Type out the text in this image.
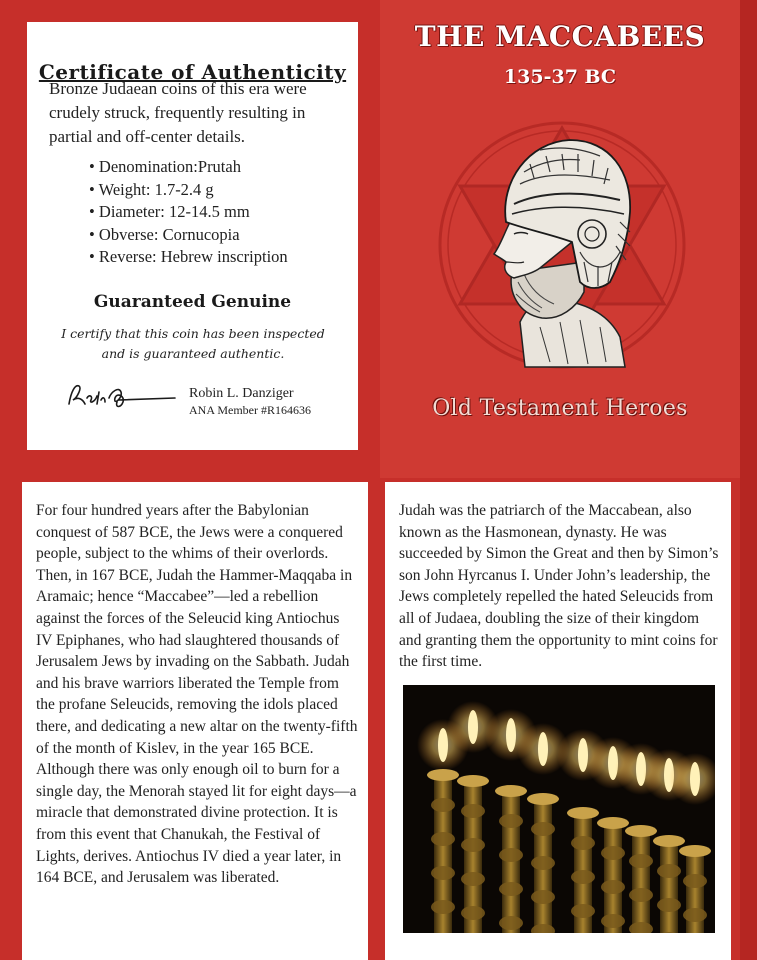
Certificate of Authenticity
Bronze Judaean coins of this era were crudely struck, frequently resulting in partial and off-center details.
• Denomination:Prutah
• Weight: 1.7-2.4 g
• Diameter: 12-14.5 mm
• Obverse: Cornucopia
• Reverse: Hebrew inscription
Guaranteed Genuine
I certify that this coin has been inspected
and is guaranteed authentic.
Robin L. Danziger
ANA Member #R164636
THE MACCABEES
135-37 BC
Old Testament Heroes

For four hundred years after the Babylonian conquest of 587 BCE, the Jews were a conquered people, subject to the whims of their overlords. Then, in 167 BCE, Judah the Hammer-Maqqaba in Aramaic; hence “Maccabee”—led a rebellion against the forces of the Seleucid king Antiochus IV Epiphanes, who had slaughtered thousands of Jerusalem Jews by invading on the Sabbath. Judah and his brave warriors liberated the Temple from the profane Seleucids, removing the idols placed there, and dedicating a new altar on the twenty-fifth of the month of Kislev, in the year 165 BCE. Although there was only enough oil to burn for a single day, the Menorah stayed lit for eight days—a miracle that demonstrated divine protection. It is from this event that Chanukah, the Festival of Lights, derives. Antiochus IV died a year later, in 164 BCE, and Jerusalem was liberated.

Judah was the patriarch of the Maccabean, also known as the Hasmonean, dynasty. He was succeeded by Simon the Great and then by Simon’s son John Hyrcanus I. Under John’s leadership, the Jews completely repelled the hated Seleucids from all of Judaea, doubling the size of their kingdom and granting them the opportunity to mint coins for the first time.
